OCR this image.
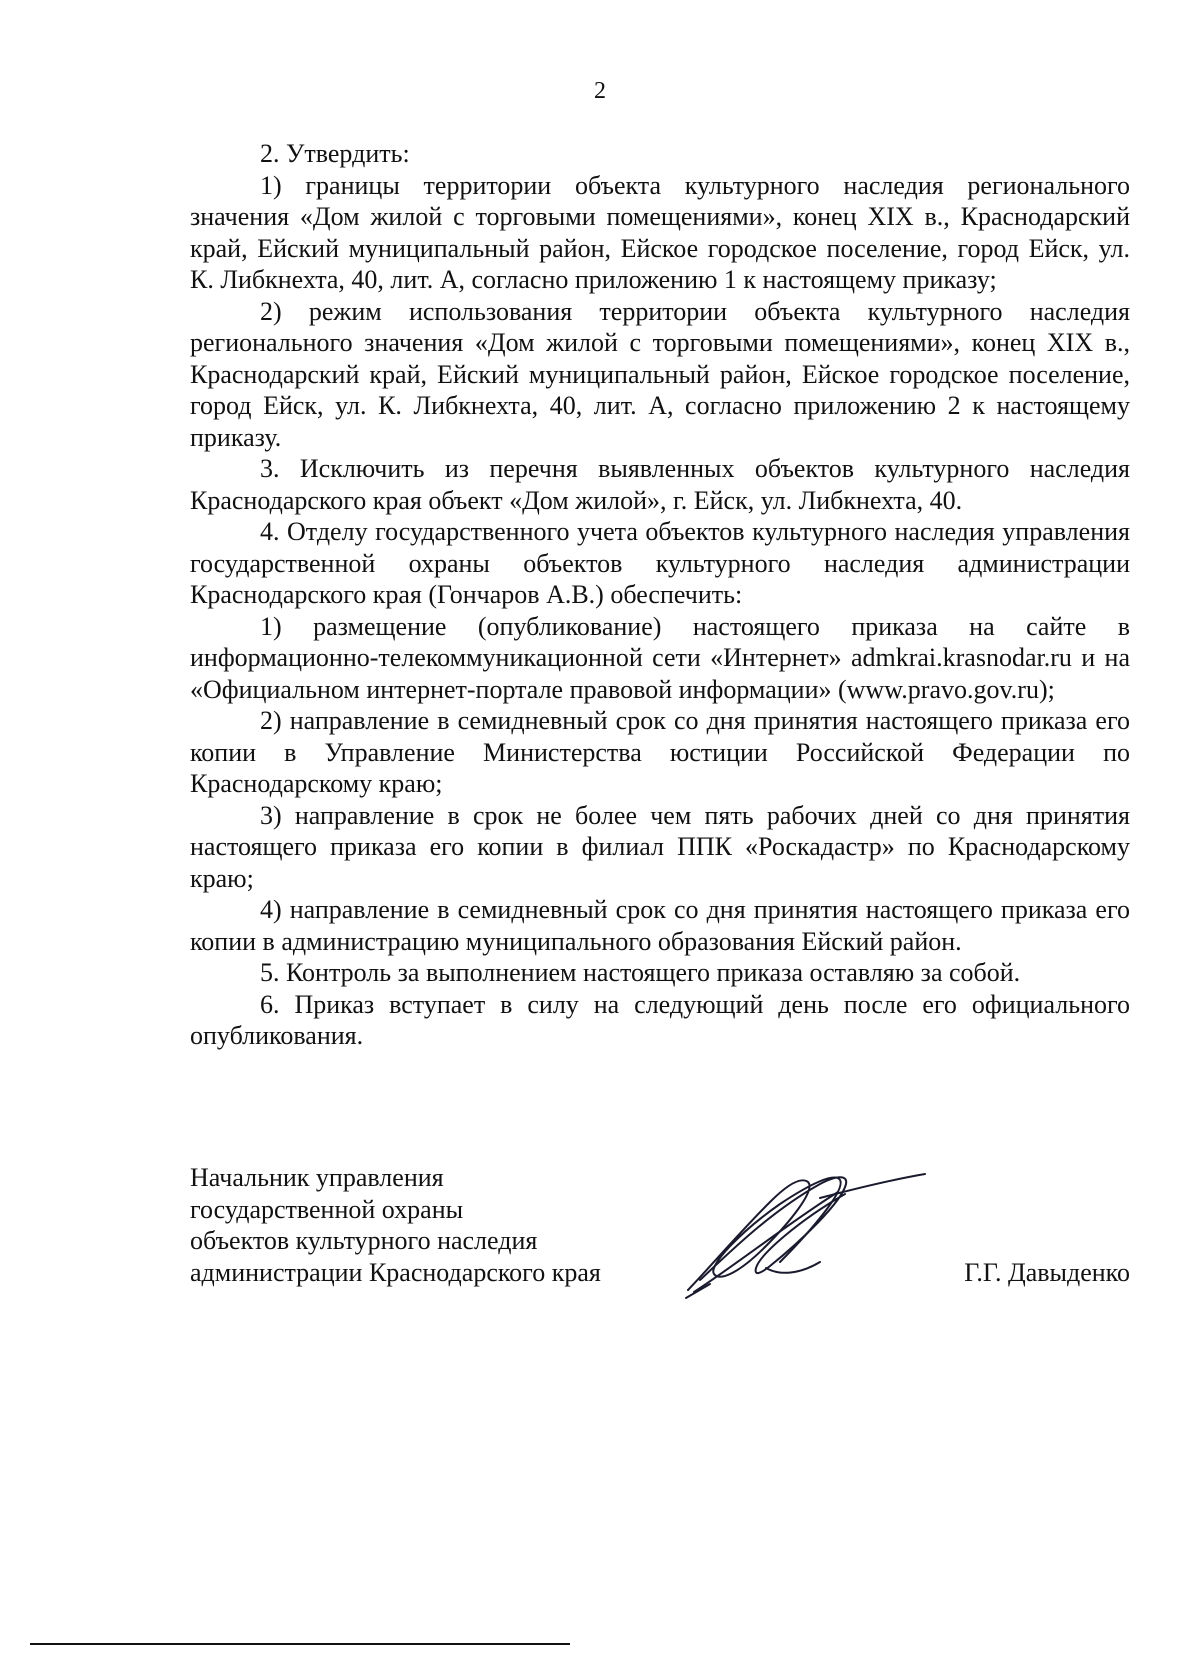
2

2. Утвердить:

1) границы территории объекта культурного наследия регионального значения «Дом жилой с торговыми помещениями», конец XIX в., Краснодарский край, Ейский муниципальный район, Ейское городское поселение, город Ейск, ул. К. Либкнехта, 40, лит. А, согласно приложению 1 к настоящему приказу;

2) режим использования территории объекта культурного наследия регионального значения «Дом жилой с торговыми помещениями», конец XIX в., Краснодарский край, Ейский муниципальный район, Ейское городское поселение, город Ейск, ул. К. Либкнехта, 40, лит. А, согласно приложению 2 к настоящему приказу.

3. Исключить из перечня выявленных объектов культурного наследия Краснодарского края объект «Дом жилой», г. Ейск, ул. Либкнехта, 40.

4. Отделу государственного учета объектов культурного наследия управления государственной охраны объектов культурного наследия администрации Краснодарского края (Гончаров А.В.) обеспечить:

1) размещение (опубликование) настоящего приказа на сайте в информационно-телекоммуникационной сети «Интернет» admkrai.krasnodar.ru и на «Официальном интернет-портале правовой информации» (www.pravo.gov.ru);

2) направление в семидневный срок со дня принятия настоящего приказа его копии в Управление Министерства юстиции Российской Федерации по Краснодарскому краю;

3) направление в срок не более чем пять рабочих дней со дня принятия настоящего приказа его копии в филиал ППК «Роскадастр» по Краснодарскому краю;

4) направление в семидневный срок со дня принятия настоящего приказа его копии в администрацию муниципального образования Ейский район.

5. Контроль за выполнением настоящего приказа оставляю за собой.

6. Приказ вступает в силу на следующий день после его официального опубликования.

Начальник управления
государственной охраны
объектов культурного наследия
администрации Краснодарского края	Г.Г. Давыденко
